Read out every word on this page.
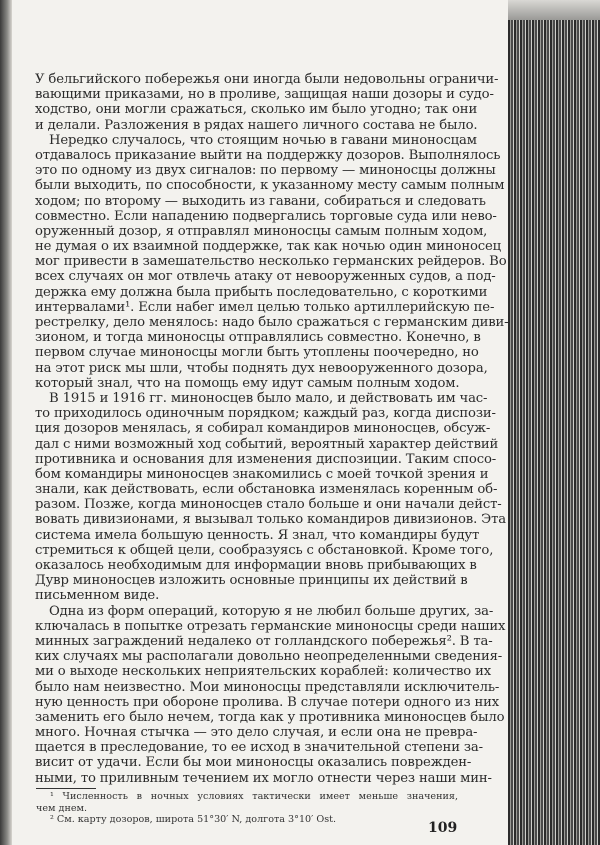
У бельгийского побережья они иногда были недовольны ограничи-
вающими приказами, но в проливе, защищая наши дозоры и судо-
ходство, они могли сражаться, сколько им было угодно; так они
и делали. Разложения в рядах нашего личного состава не было.
Нередко случалось, что стоящим ночью в гавани миноносцам
отдавалось приказание выйти на поддержку дозоров. Выполнялось
это по одному из двух сигналов: по первому — миноносцы должны
были выходить, по способности, к указанному месту самым полным
ходом; по второму — выходить из гавани, собираться и следовать
совместно. Если нападению подвергались торговые суда или нево-
оруженный дозор, я отправлял миноносцы самым полным ходом,
не думая о их взаимной поддержке, так как ночью один миноносец
мог привести в замешательство несколько германских рейдеров. Во
всех случаях он мог отвлечь атаку от невооруженных судов, а под-
держка ему должна была прибыть последовательно, с короткими
интервалами¹. Если набег имел целью только артиллерийскую пе-
рестрелку, дело менялось: надо было сражаться с германским диви-
зионом, и тогда миноносцы отправлялись совместно. Конечно, в
первом случае миноносцы могли быть утоплены поочередно, но
на этот риск мы шли, чтобы поднять дух невооруженного дозора,
который знал, что на помощь ему идут самым полным ходом.
В 1915 и 1916 гг. миноносцев было мало, и действовать им час-
то приходилось одиночным порядком; каждый раз, когда диспози-
ция дозоров менялась, я собирал командиров миноносцев, обсуж-
дал с ними возможный ход событий, вероятный характер действий
противника и основания для изменения диспозиции. Таким спосо-
бом командиры миноносцев знакомились с моей точкой зрения и
знали, как действовать, если обстановка изменялась коренным об-
разом. Позже, когда миноносцев стало больше и они начали дейст-
вовать дивизионами, я вызывал только командиров дивизионов. Эта
система имела большую ценность. Я знал, что командиры будут
стремиться к общей цели, сообразуясь с обстановкой. Кроме того,
оказалось необходимым для информации вновь прибывающих в
Дувр миноносцев изложить основные принципы их действий в
письменном виде.
Одна из форм операций, которую я не любил больше других, за-
ключалась в попытке отрезать германские миноносцы среди наших
минных заграждений недалеко от голландского побережья². В та-
ких случаях мы располагали довольно неопределенными сведения-
ми о выходе нескольких неприятельских кораблей: количество их
было нам неизвестно. Мои миноносцы представляли исключитель-
ную ценность при обороне пролива. В случае потери одного из них
заменить его было нечем, тогда как у противника миноносцев было
много. Ночная стычка — это дело случая, и если она не превра-
щается в преследование, то ее исход в значительной степени за-
висит от удачи. Если бы мои миноносцы оказались поврежден-
ными, то приливным течением их могло отнести через наши мин-
¹ Численность в ночных условиях тактически имеет меньше значения,
чем днем.
² См. карту дозоров, широта 51°30′ N, долгота 3°10′ Ost.
109
